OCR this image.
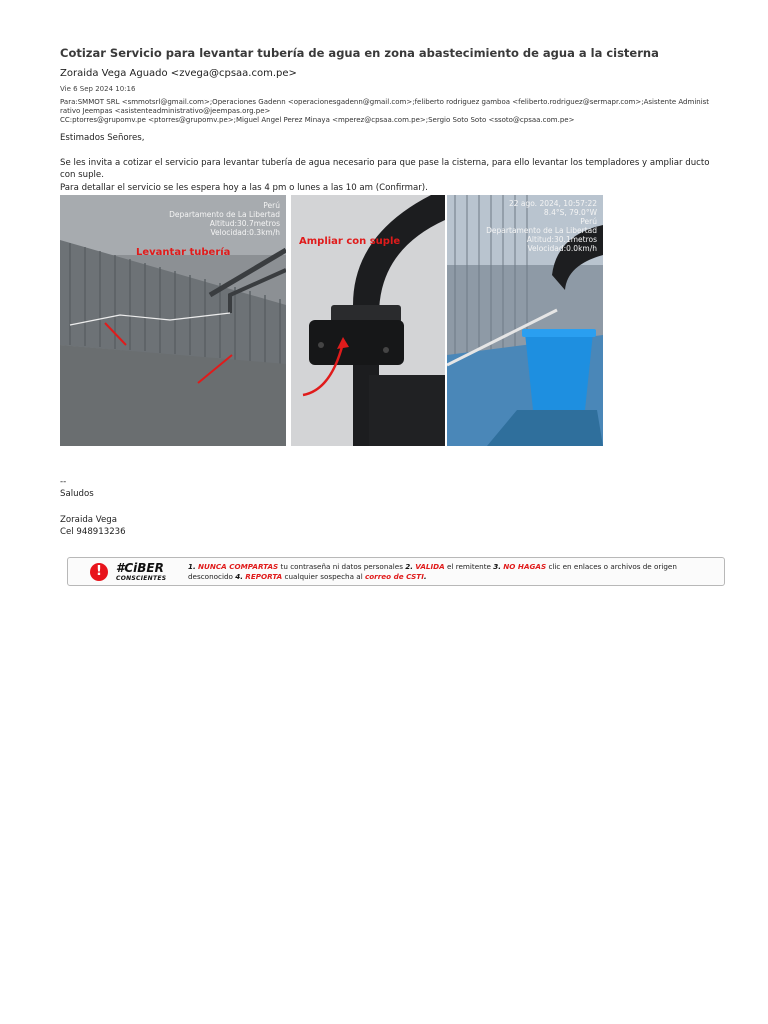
Cotizar Servicio para levantar tubería de agua en zona abastecimiento de agua a la cisterna
Zoraida Vega Aguado <zvega@cpsaa.com.pe>
Vie 6 Sep 2024 10:16
Para:SMMOT SRL <smmotsrl@gmail.com>;Operaciones Gadenn <operacionesgadenn@gmail.com>;feliberto rodriguez gamboa <feliberto.rodriguez@sermapr.com>;Asistente Administrativo Jeempas <asistenteadministrativo@jeempas.org.pe>
CC:ptorres@grupomv.pe <ptorres@grupomv.pe>;Miguel Angel Perez Minaya <mperez@cpsaa.com.pe>;Sergio Soto Soto <ssoto@cpsaa.com.pe>
Estimados Señores,
Se les invita a cotizar el servicio para levantar tubería de agua necesario para que pase la cisterna, para ello levantar los templadores y ampliar ducto con suple.
Para detallar el servicio se les espera hoy a las 4 pm o lunes a las 10 am (Confirmar).
Perú
Departamento de La Libertad
Altitud:30.7metros
Velocidad:0.3km/h
Levantar tubería
Ampliar con suple
22 ago. 2024, 10:57:22
8.4°S, 79.0°W
Perú
Departamento de La Libertad
Altitud:30.1metros
Velocidad:0.0km/h
--
Saludos
Zoraida Vega
Cel 948913236
!	#CiBER
CONSCIENTES
1. NUNCA COMPARTAS tu contraseña ni datos personales 2. VALIDA el remitente 3. NO HAGAS clic en enlaces o archivos de origen desconocido 4. REPORTA cualquier sospecha al correo de CSTI.
